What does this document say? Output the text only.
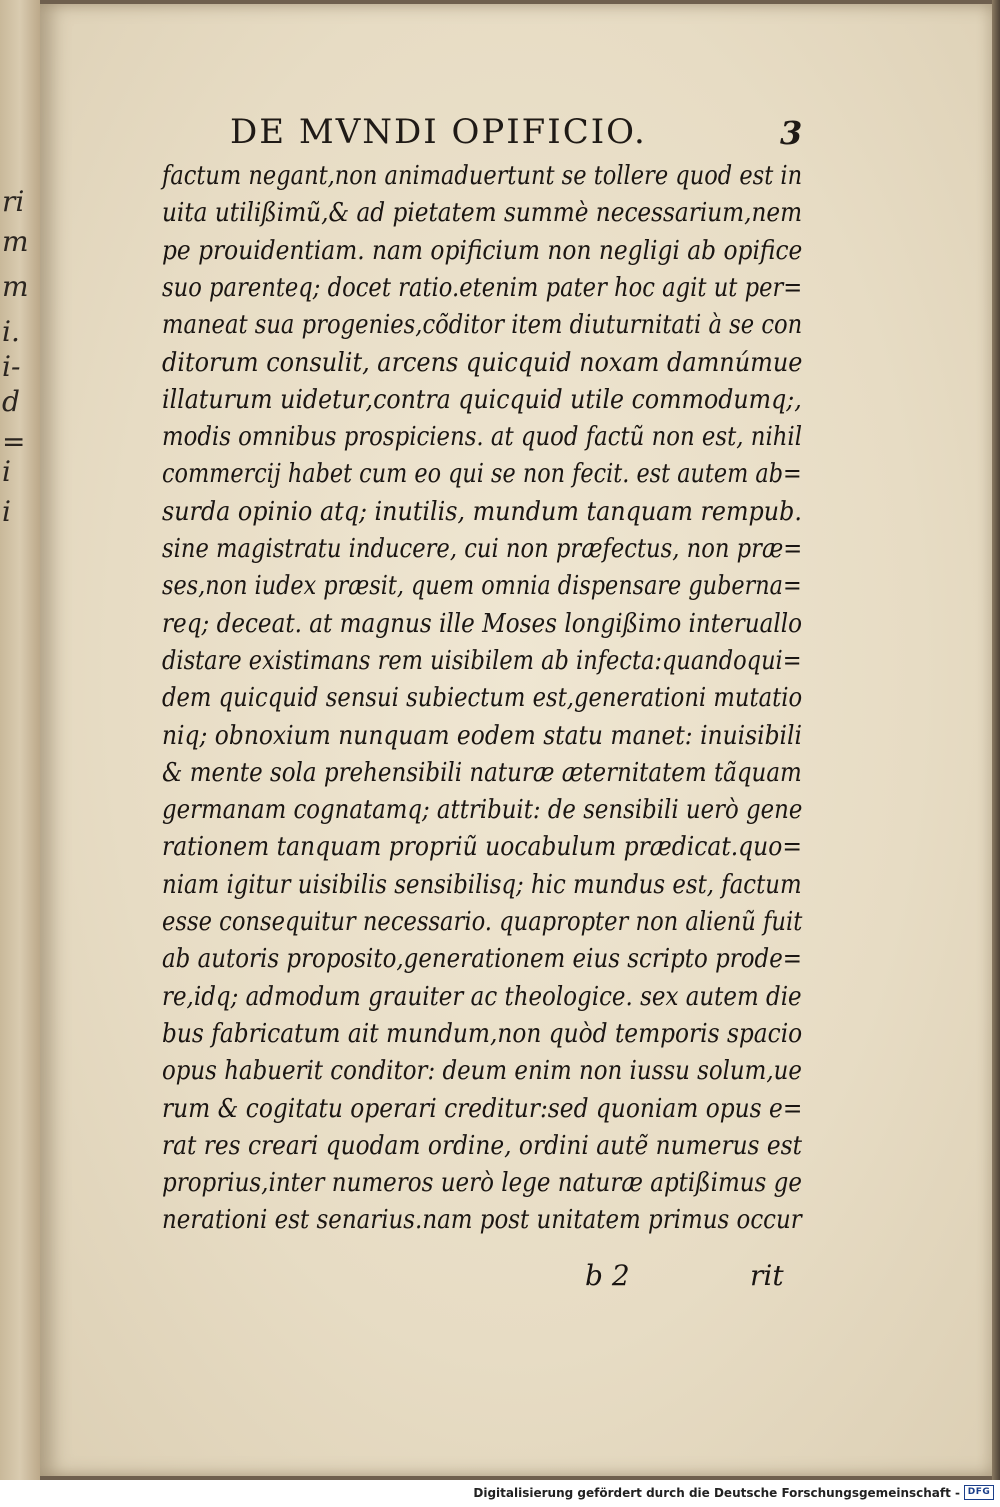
ri
m
m
i.
i-
d
=
i
i
DE MVNDI OPIFICIO.	3
factum negant,non animaduertunt se tollere quod est in
uita utilißimũ,& ad pietatem summè necessarium,nem
pe prouidentiam. nam opificium non negligi ab opifice
suo parenteq; docet ratio.etenim pater hoc agit ut per=
maneat sua progenies,cõditor item diuturnitati à se con
ditorum consulit, arcens quicquid noxam damnúmue
illaturum uidetur,contra quicquid utile commodumq;,
modis omnibus prospiciens. at quod factũ non est, nihil
commercij habet cum eo qui se non fecit. est autem ab=
surda opinio atq; inutilis, mundum tanquam rempub.
sine magistratu inducere, cui non præfectus, non præ=
ses,non iudex præsit, quem omnia dispensare guberna=
req; deceat. at magnus ille Moses longißimo interuallo
distare existimans rem uisibilem ab infecta:quandoqui=
dem quicquid sensui subiectum est,generationi mutatio
niq; obnoxium nunquam eodem statu manet: inuisibili
& mente sola prehensibili naturæ æternitatem tãquam
germanam cognatamq; attribuit: de sensibili uerò gene
rationem tanquam propriũ uocabulum prædicat.quo=
niam igitur uisibilis sensibilisq; hic mundus est, factum
esse consequitur necessario. quapropter non alienũ fuit
ab autoris proposito,generationem eius scripto prode=
re,idq; admodum grauiter ac theologice. sex autem die
bus fabricatum ait mundum,non quòd temporis spacio
opus habuerit conditor: deum enim non iussu solum,ue
rum & cogitatu operari creditur:sed quoniam opus e=
rat res creari quodam ordine, ordini autẽ numerus est
proprius,inter numeros uerò lege naturæ aptißimus ge
nerationi est senarius.nam post unitatem primus occur
b 2	rit
Digitalisierung gefördert durch die Deutsche Forschungsgemeinschaft - DFG
